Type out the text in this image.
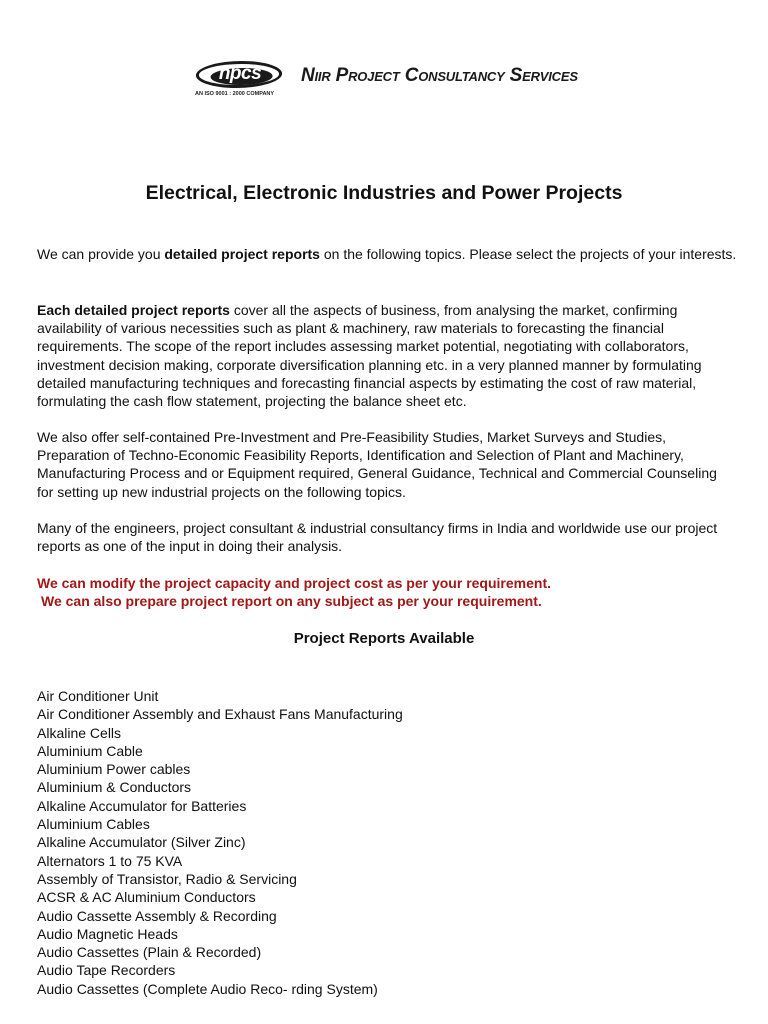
npcs
AN ISO 9001 : 2000 COMPANY
Niir Project Consultancy Services
Electrical, Electronic Industries and Power Projects

We can provide you detailed project reports on the following topics. Please select the projects of your interests.

Each detailed project reports cover all the aspects of business, from analysing the market, confirming availability of various necessities such as plant & machinery, raw materials to forecasting the financial requirements. The scope of the report includes assessing market potential, negotiating with collaborators, investment decision making, corporate diversification planning etc. in a very planned manner by formulating detailed manufacturing techniques and forecasting financial aspects by estimating the cost of raw material, formulating the cash flow statement, projecting the balance sheet etc.

We also offer self-contained Pre-Investment and Pre-Feasibility Studies, Market Surveys and Studies, Preparation of Techno-Economic Feasibility Reports, Identification and Selection of Plant and Machinery, Manufacturing Process and or Equipment required, General Guidance, Technical and Commercial Counseling for setting up new industrial projects on the following topics.

Many of the engineers, project consultant & industrial consultancy firms in India and worldwide use our project reports as one of the input in doing their analysis.

We can modify the project capacity and project cost as per your requirement.

We can also prepare project report on any subject as per your requirement.

Project Reports Available
Air Conditioner Unit
Air Conditioner Assembly and Exhaust Fans Manufacturing
Alkaline Cells
Aluminium Cable
Aluminium Power cables
Aluminium & Conductors
Alkaline Accumulator for Batteries
Aluminium Cables
Alkaline Accumulator (Silver Zinc)
Alternators 1 to 75 KVA
Assembly of Transistor, Radio & Servicing
ACSR & AC Aluminium Conductors
Audio Cassette Assembly & Recording
Audio Magnetic Heads
Audio Cassettes (Plain & Recorded)
Audio Tape Recorders
Audio Cassettes (Complete Audio Reco- rding System)
